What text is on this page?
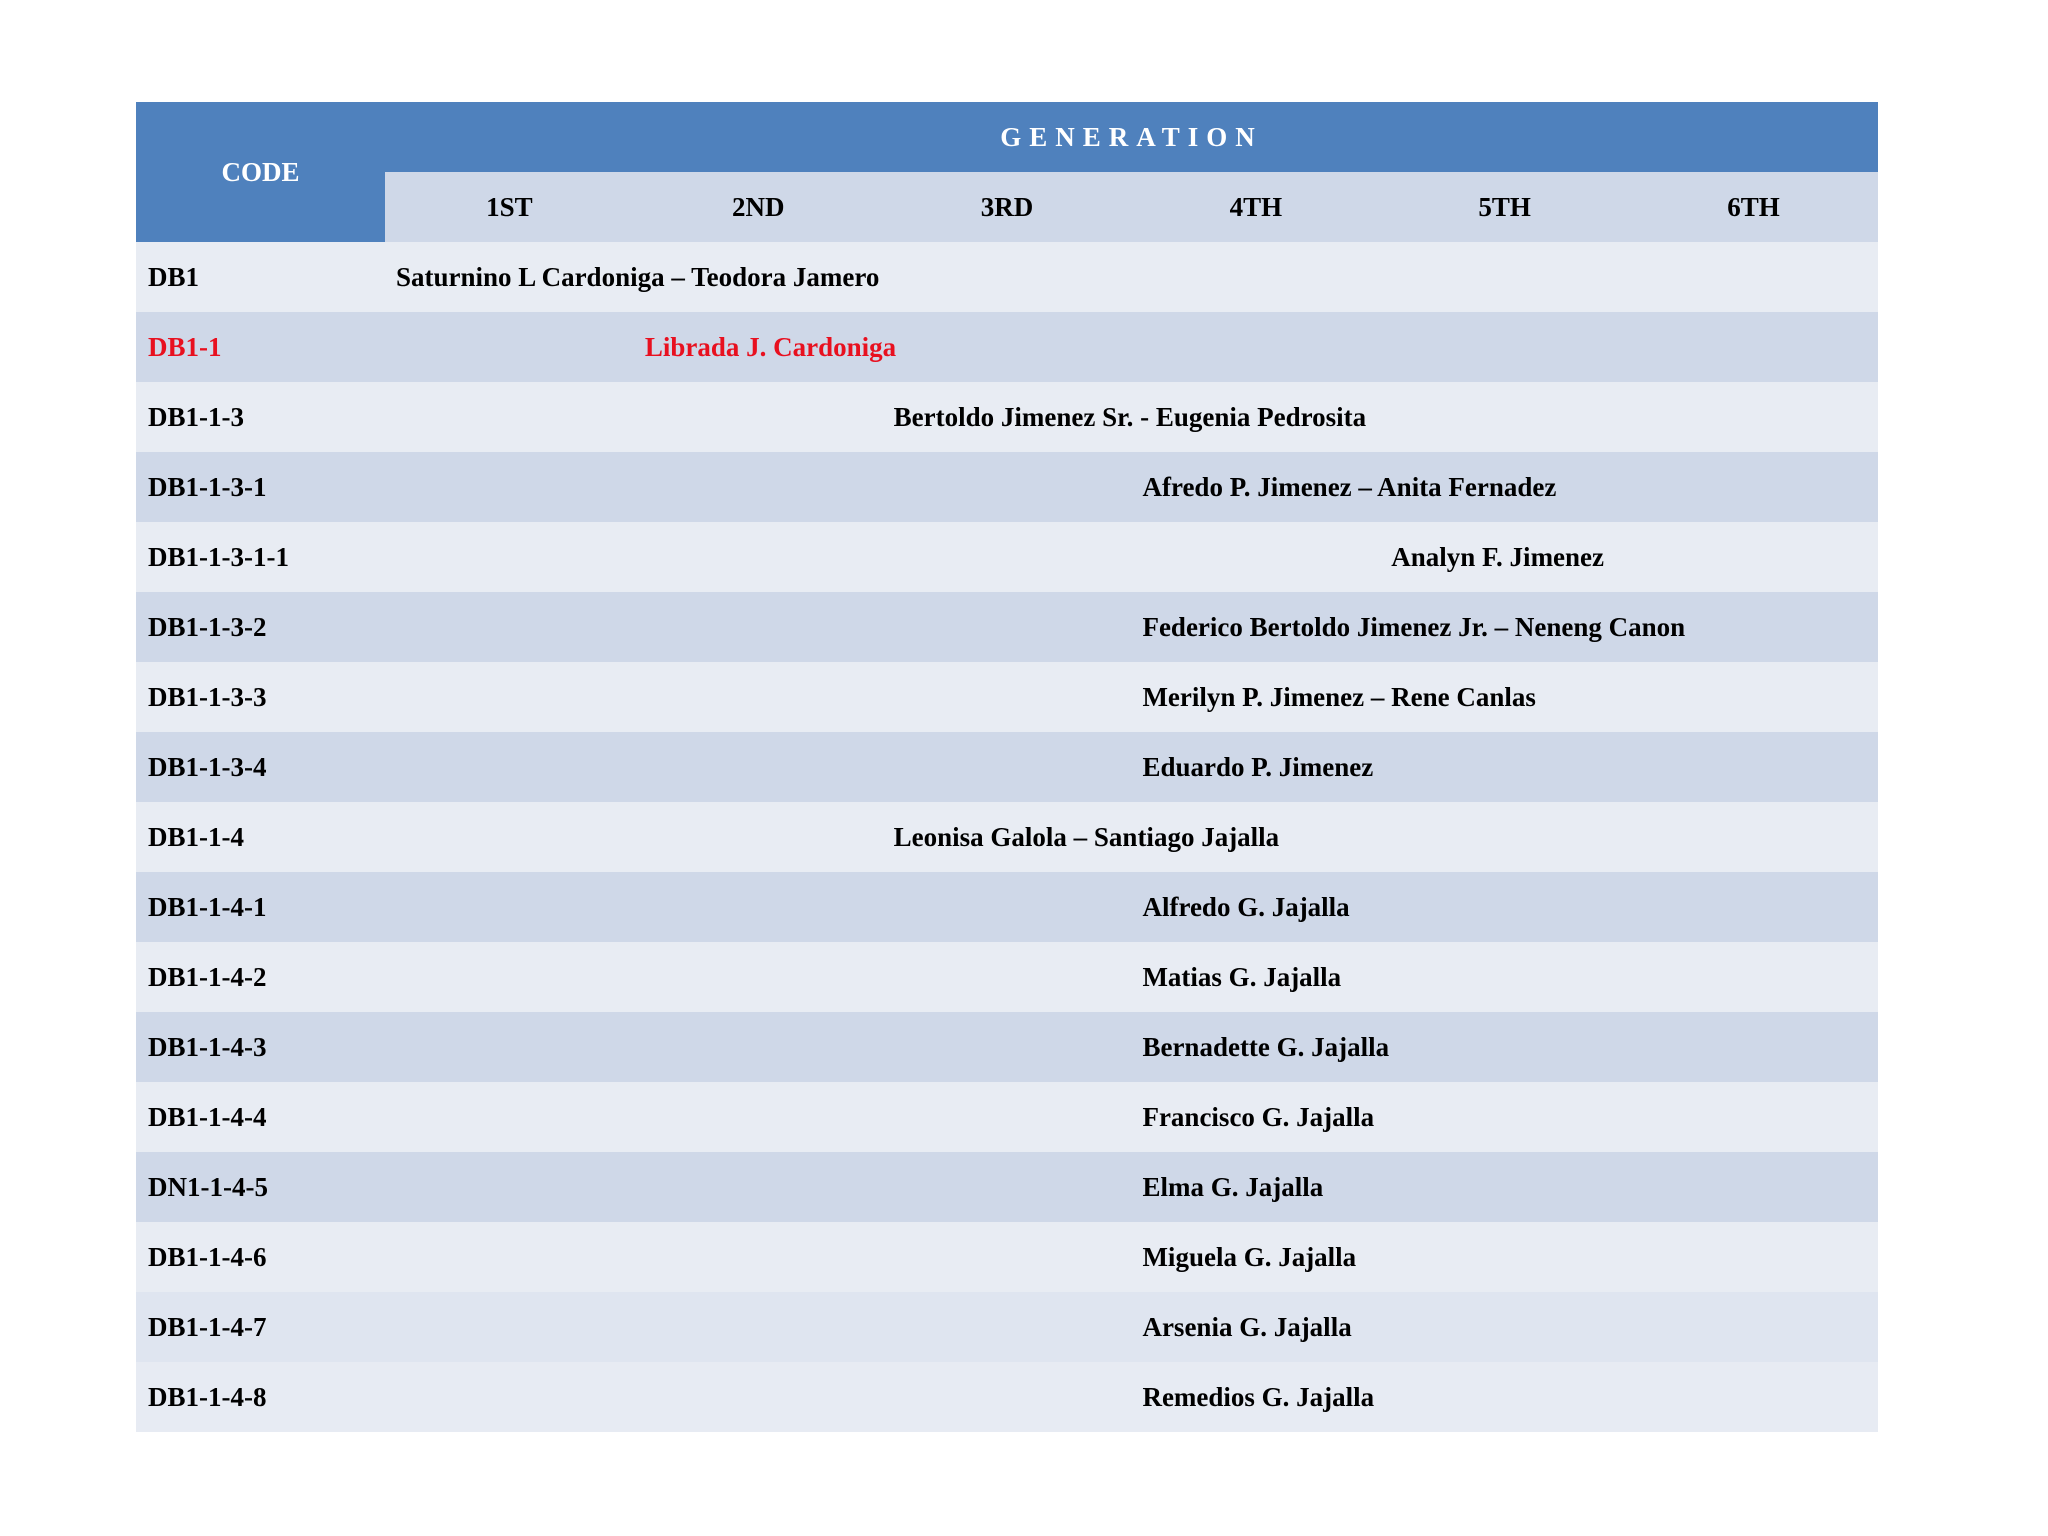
CODE	GENERATION					
	1ST	2ND	3RD	4TH	5TH	6TH
DB1	Saturnino L Cardoniga – Teodora Jamero					
DB1-1		Librada J. Cardoniga				
DB1-1-3			Bertoldo Jimenez Sr. - Eugenia Pedrosita			
DB1-1-3-1				Afredo P. Jimenez – Anita Fernadez		
DB1-1-3-1-1					Analyn F. Jimenez	
DB1-1-3-2				Federico Bertoldo Jimenez Jr. – Neneng Canon		
DB1-1-3-3				Merilyn P. Jimenez – Rene Canlas		
DB1-1-3-4				Eduardo P. Jimenez		
DB1-1-4			Leonisa Galola – Santiago Jajalla			
DB1-1-4-1				Alfredo G. Jajalla		
DB1-1-4-2				Matias G. Jajalla		
DB1-1-4-3				Bernadette G. Jajalla		
DB1-1-4-4				Francisco G. Jajalla		
DN1-1-4-5				Elma G. Jajalla		
DB1-1-4-6				Miguela G. Jajalla		
DB1-1-4-7				Arsenia G. Jajalla		
DB1-1-4-8				Remedios G. Jajalla		
